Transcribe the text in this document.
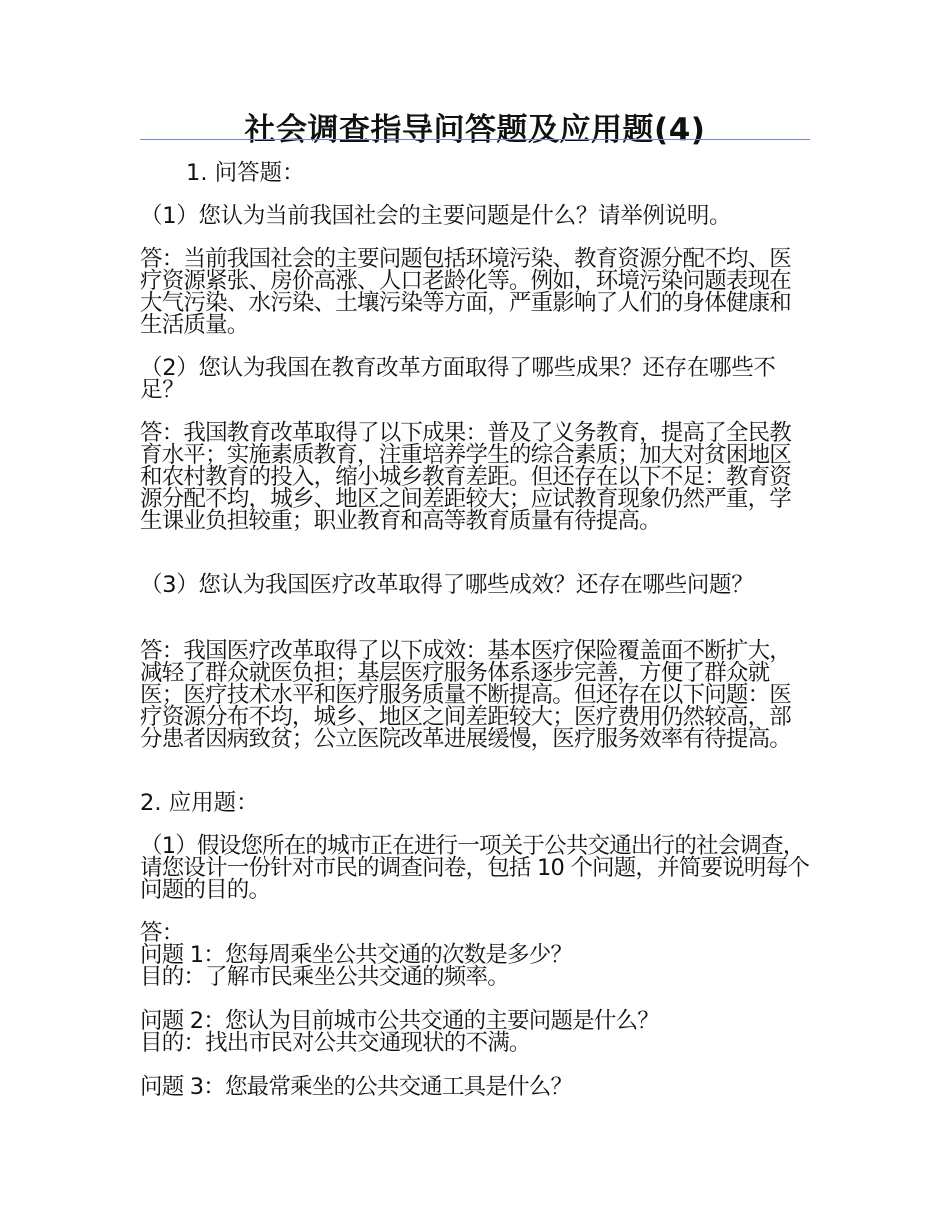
社会调查指导问答题及应用题(4)

1. 问答题：

（1）您认为当前我国社会的主要问题是什么？请举例说明。

答：当前我国社会的主要问题包括环境污染、教育资源分配不均、医疗资源紧张、房价高涨、人口老龄化等。例如，环境污染问题表现在大气污染、水污染、土壤污染等方面，严重影响了人们的身体健康和生活质量。

（2）您认为我国在教育改革方面取得了哪些成果？还存在哪些不足？

答：我国教育改革取得了以下成果：普及了义务教育，提高了全民教育水平；实施素质教育，注重培养学生的综合素质；加大对贫困地区和农村教育的投入，缩小城乡教育差距。但还存在以下不足：教育资源分配不均，城乡、地区之间差距较大；应试教育现象仍然严重，学生课业负担较重；职业教育和高等教育质量有待提高。

（3）您认为我国医疗改革取得了哪些成效？还存在哪些问题？

答：我国医疗改革取得了以下成效：基本医疗保险覆盖面不断扩大，减轻了群众就医负担；基层医疗服务体系逐步完善，方便了群众就医；医疗技术水平和医疗服务质量不断提高。但还存在以下问题：医疗资源分布不均，城乡、地区之间差距较大；医疗费用仍然较高，部分患者因病致贫；公立医院改革进展缓慢，医疗服务效率有待提高。

2. 应用题：

（1）假设您所在的城市正在进行一项关于公共交通出行的社会调查，请您设计一份针对市民的调查问卷，包括 10 个问题，并简要说明每个问题的目的。

答：

问题 1：您每周乘坐公共交通的次数是多少？

目的：了解市民乘坐公共交通的频率。

问题 2：您认为目前城市公共交通的主要问题是什么？

目的：找出市民对公共交通现状的不满。

问题 3：您最常乘坐的公共交通工具是什么？
